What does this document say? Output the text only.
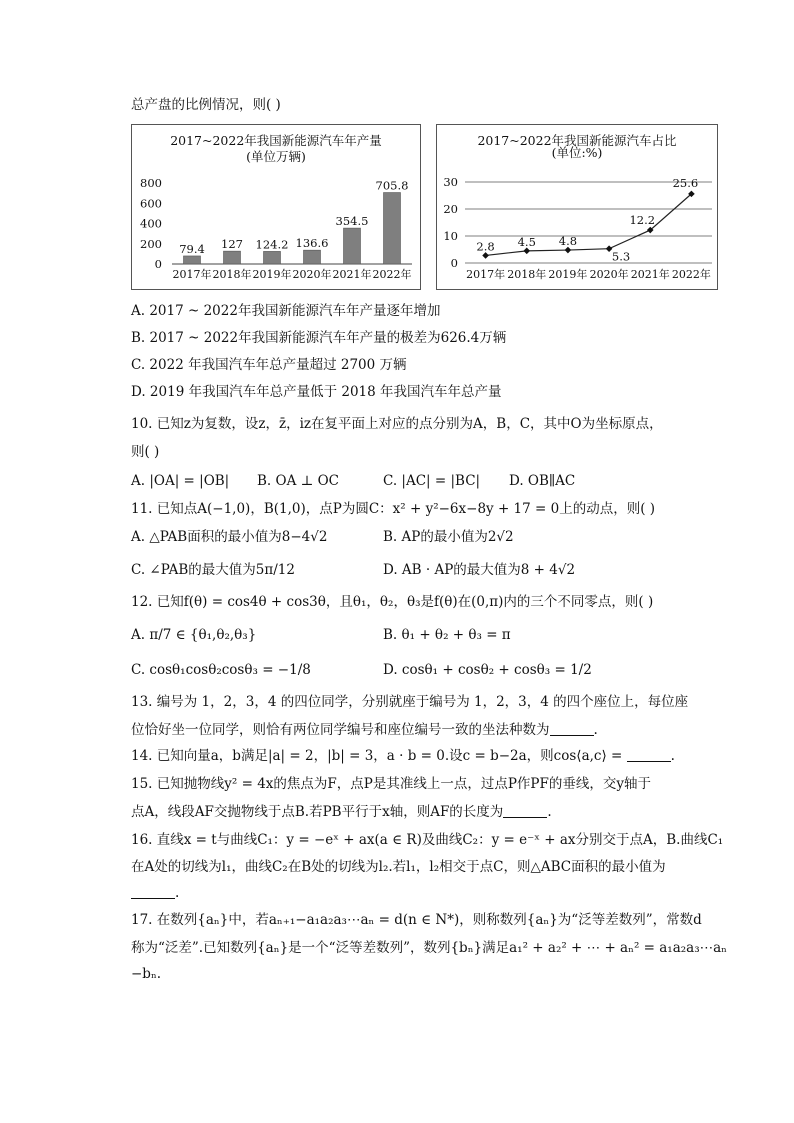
总产盘的比例情况，则( )
2017~2022年我国新能源汽车年产量
(单位万辆)
0
200
400
600
800
79.4
2017年
127
2018年
124.2
2019年
136.6
2020年
354.5
2021年
705.8
2022年
2017~2022年我国新能源汽车占比
(单位:%)
0
10
20
30
2.8
2017年
4.5
2018年
4.8
2019年
5.3
2020年
12.2
2021年
25.6
2022年
A. 2017 ~ 2022年我国新能源汽车年产量逐年增加
B. 2017 ~ 2022年我国新能源汽车年产量的极差为626.4万辆
C. 2022 年我国汽车年总产量超过 2700 万辆
D. 2019 年我国汽车年总产量低于 2018 年我国汽车年总产量
10. 已知z为复数，设z，z̄，iz在复平面上对应的点分别为A，B，C，其中O为坐标原点，
则( )
A. |OA| = |OB| B. OA ⊥ OC	C. |AC| = |BC| D. OB∥AC
11. 已知点A(−1,0)，B(1,0)，点P为圆C：x² + y²−6x−8y + 17 = 0上的动点，则( )
A. △PAB面积的最小值为8−4√2	B. AP的最小值为2√2
C. ∠PAB的最大值为5π/12	D. AB · AP的最大值为8 + 4√2
12. 已知f(θ) = cos4θ + cos3θ，且θ₁，θ₂，θ₃是f(θ)在(0,π)内的三个不同零点，则( )
A. π/7 ∈ {θ₁,θ₂,θ₃}	B. θ₁ + θ₂ + θ₃ = π
C. cosθ₁cosθ₂cosθ₃ = −1/8	D. cosθ₁ + cosθ₂ + cosθ₃ = 1/2
13. 编号为 1，2，3，4 的四位同学，分别就座于编号为 1，2，3，4 的四个座位上，每位座
位恰好坐一位同学，则恰有两位同学编号和座位编号一致的坐法种数为	.
14. 已知向量a，b满足|a| = 2，|b| = 3，a · b = 0.设c = b−2a，则cos⟨a,c⟩ =	.
15. 已知抛物线y² = 4x的焦点为F，点P是其准线上一点，过点P作PF的垂线，交y轴于
点A，线段AF交抛物线于点B.若PB平行于x轴，则AF的长度为	.
16. 直线x = t与曲线C₁：y = −eˣ + ax(a ∈ R)及曲线C₂：y = e⁻ˣ + ax分别交于点A，B.曲线C₁
在A处的切线为l₁，曲线C₂在B处的切线为l₂.若l₁，l₂相交于点C，则△ABC面积的最小值为
.
17. 在数列{aₙ}中，若aₙ₊₁−a₁a₂a₃⋯aₙ = d(n ∈ N*)，则称数列{aₙ}为“泛等差数列”，常数d
称为“泛差”.已知数列{aₙ}是一个“泛等差数列”，数列{bₙ}满足a₁² + a₂² + ⋯ + aₙ² = a₁a₂a₃⋯aₙ
−bₙ.
